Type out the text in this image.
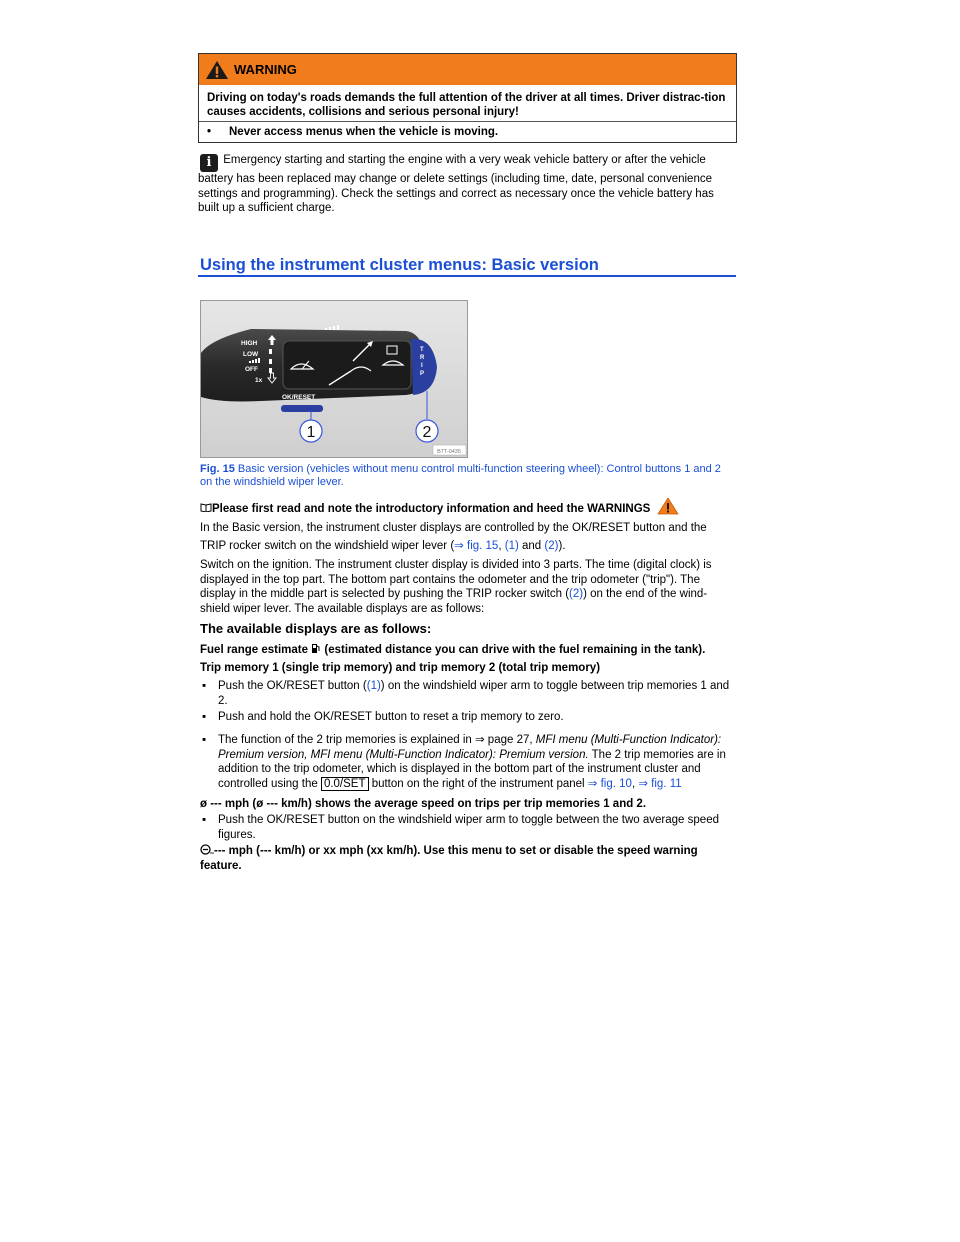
WARNING
Driving on today's roads demands the full attention of the driver at all times. Driver distrac-tion causes accidents, collisions and serious personal injury!
•	Never access menus when the vehicle is moving.
i Emergency starting and starting the engine with a very weak vehicle battery or after the vehicle battery has been replaced may change or delete settings (including time, date, personal convenience settings and programming). Check the settings and correct as necessary once the vehicle battery has built up a sufficient charge.
Using the instrument cluster menus: Basic version
HIGH
LOW
OFF
1x
T
R
I
P
OK/RESET
1	2
B7T-0435
Fig. 15 Basic version (vehicles without menu control multi-function steering wheel): Control buttons 1 and 2 on the windshield wiper lever.
Please first read and note the introductory information and heed the WARNINGS
In the Basic version, the instrument cluster displays are controlled by the OK/RESET button and the
TRIP rocker switch on the windshield wiper lever (⇒ fig. 15, (1) and (2)).
Switch on the ignition. The instrument cluster display is divided into 3 parts. The time (digital clock) is displayed in the top part. The bottom part contains the odometer and the trip odometer ("trip"). The display in the middle part is selected by pushing the TRIP rocker switch ((2)) on the end of the wind-shield wiper lever. The available displays are as follows:
The available displays are as follows:
Fuel range estimate  (estimated distance you can drive with the fuel remaining in the tank).
Trip memory 1 (single trip memory) and trip memory 2 (total trip memory)
▪ Push the OK/RESET button ((1)) on the windshield wiper arm to toggle between trip memories 1 and 2.
▪ Push and hold the OK/RESET button to reset a trip memory to zero.
▪ The function of the 2 trip memories is explained in ⇒ page 27, MFI menu (Multi-Function Indicator): Premium version, MFI menu (Multi-Function Indicator): Premium version. The 2 trip memories are in addition to the trip odometer, which is displayed in the bottom part of the instrument cluster and
controlled using the 0.0/SET button on the right of the instrument panel ⇒ fig. 10, ⇒ fig. 11
ø --- mph (ø --- km/h) shows the average speed on trips per trip memories 1 and 2.
▪ Push the OK/RESET button on the windshield wiper arm to toggle between the two average speed figures.
--- mph (--- km/h) or xx mph (xx km/h). Use this menu to set or disable the speed warning feature.
